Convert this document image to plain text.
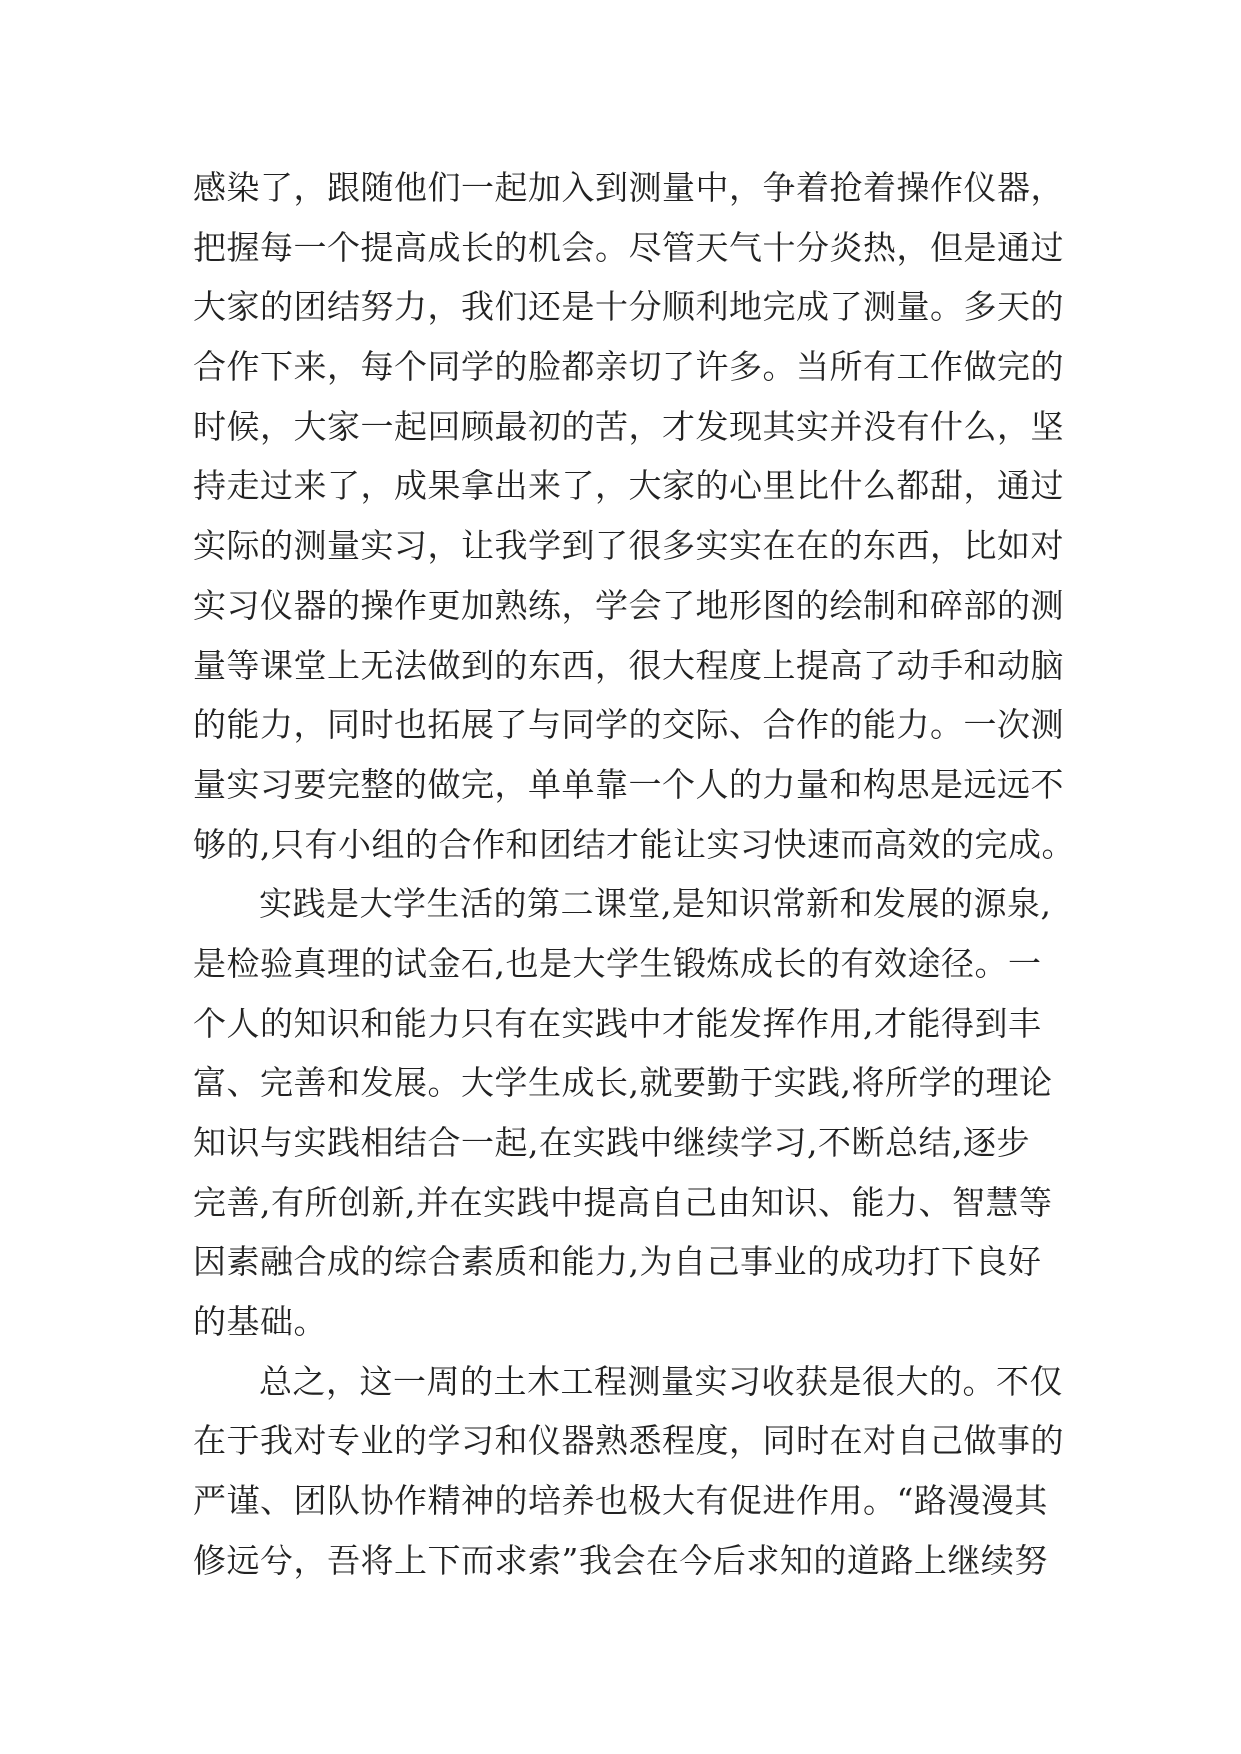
感染了，跟随他们一起加入到测量中，争着抢着操作仪器，
把握每一个提高成长的机会。尽管天气十分炎热，但是通过
大家的团结努力，我们还是十分顺利地完成了测量。多天的
合作下来，每个同学的脸都亲切了许多。当所有工作做完的
时候，大家一起回顾最初的苦，才发现其实并没有什么，坚
持走过来了，成果拿出来了，大家的心里比什么都甜，通过
实际的测量实习，让我学到了很多实实在在的东西，比如对
实习仪器的操作更加熟练，学会了地形图的绘制和碎部的测
量等课堂上无法做到的东西，很大程度上提高了动手和动脑
的能力，同时也拓展了与同学的交际、合作的能力。一次测
量实习要完整的做完，单单靠一个人的力量和构思是远远不
够的,只有小组的合作和团结才能让实习快速而高效的完成。
实践是大学生活的第二课堂,是知识常新和发展的源泉,
是检验真理的试金石,也是大学生锻炼成长的有效途径。一
个人的知识和能力只有在实践中才能发挥作用,才能得到丰
富、完善和发展。大学生成长,就要勤于实践,将所学的理论
知识与实践相结合一起,在实践中继续学习,不断总结,逐步
完善,有所创新,并在实践中提高自己由知识、能力、智慧等
因素融合成的综合素质和能力,为自己事业的成功打下良好
的基础。
总之，这一周的土木工程测量实习收获是很大的。不仅
在于我对专业的学习和仪器熟悉程度，同时在对自己做事的
严谨、团队协作精神的培养也极大有促进作用。“路漫漫其
修远兮，吾将上下而求索”我会在今后求知的道路上继续努
